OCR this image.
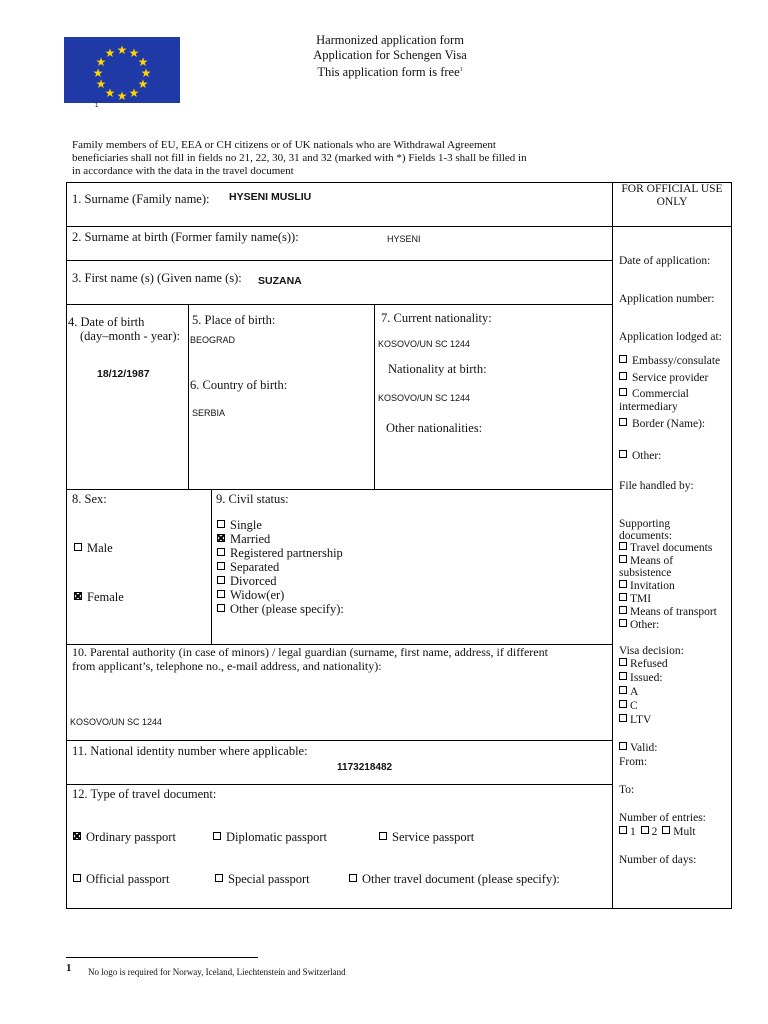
★ ★
★
★
★
★
★
★
★
★
★
★
1
Harmonized application form
Application for Schengen Visa
This application form is free$^1$
Family members of EU, EEA or CH citizens or of UK nationals who are Withdrawal Agreement
beneficiaries shall not fill in fields no 21, 22, 30, 31 and 32 (marked with *) Fields 1-3 shall be filled in
in accordance with the data in the travel document
1. Surname (Family name): HYSENI MUSLIU
2. Surname at birth (Former family name(s)):	HYSENI
3. First name (s) (Given name (s): SUZANA
4. Date of birth
(day–month - year):
18/12/1987
5. Place of birth:
BEOGRAD
6. Country of birth:
SERBIA
7. Current nationality:
KOSOVO/UN SC 1244
Nationality at birth:
KOSOVO/UN SC 1244
Other nationalities:
8. Sex:
Male
Female
9. Civil status:
Single
Married
Registered partnership
Separated
Divorced
Widow(er)
Other (please specify):
10. Parental authority (in case of minors) / legal guardian (surname, first name, address, if different
from applicant’s, telephone no., e-mail address, and nationality):
KOSOVO/UN SC 1244
11. National identity number where applicable:
1173218482
12. Type of travel document:
Ordinary passport	Diplomatic passport	Service passport
Official passport	Special passport	Other travel document (please specify):
FOR OFFICIAL USE
ONLY
Date of application:
Application number:
Application lodged at:
Embassy/consulate
Service provider
Commercial
intermediary
Border (Name):
Other:
File handled by:
Supporting
documents:
Travel documents
Means of
subsistence
Invitation
TMI
Means of transport
Other:
Visa decision:
Refused
Issued:
A
C
LTV
Valid:
From:
To:
Number of entries:
1 2 Mult
Number of days:
1 No logo is required for Norway, Iceland, Liechtenstein and Switzerland
